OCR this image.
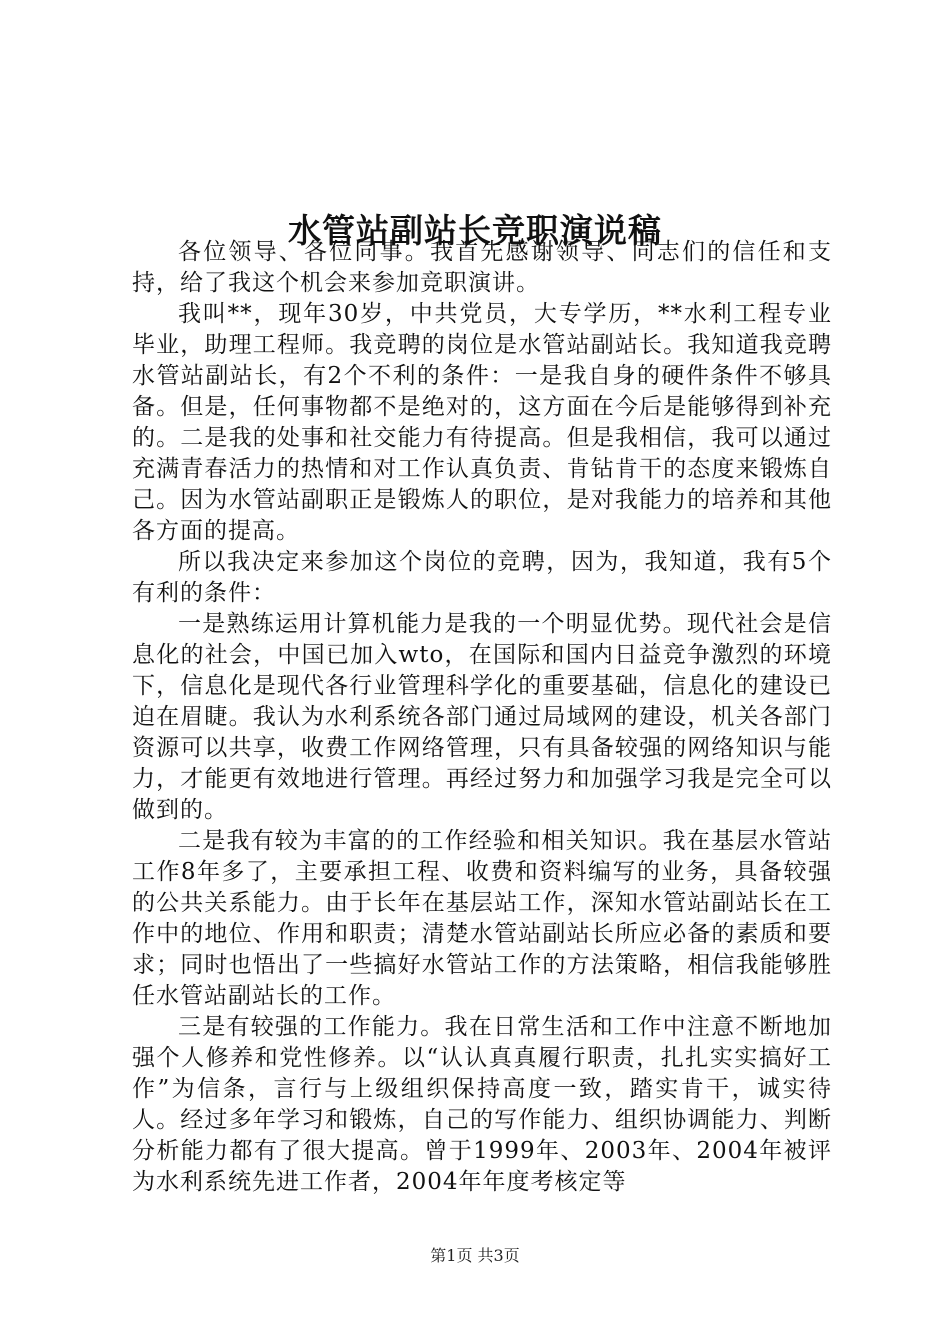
水管站副站长竞职演说稿

各位领导、各位同事。我首先感谢领导、同志们的信任和支持，给了我这个机会来参加竞职演讲。

我叫**，现年30岁，中共党员，大专学历，**水利工程专业毕业，助理工程师。我竞聘的岗位是水管站副站长。我知道我竞聘水管站副站长，有2个不利的条件：一是我自身的硬件条件不够具备。但是，任何事物都不是绝对的，这方面在今后是能够得到补充的。二是我的处事和社交能力有待提高。但是我相信，我可以通过充满青春活力的热情和对工作认真负责、肯钻肯干的态度来锻炼自己。因为水管站副职正是锻炼人的职位，是对我能力的培养和其他各方面的提高。

所以我决定来参加这个岗位的竞聘，因为，我知道，我有5个有利的条件：

一是熟练运用计算机能力是我的一个明显优势。现代社会是信息化的社会，中国已加入wto，在国际和国内日益竞争激烈的环境下，信息化是现代各行业管理科学化的重要基础，信息化的建设已迫在眉睫。我认为水利系统各部门通过局域网的建设，机关各部门资源可以共享，收费工作网络管理，只有具备较强的网络知识与能力，才能更有效地进行管理。再经过努力和加强学习我是完全可以做到的。

二是我有较为丰富的的工作经验和相关知识。我在基层水管站工作8年多了，主要承担工程、收费和资料编写的业务，具备较强的公共关系能力。由于长年在基层站工作，深知水管站副站长在工作中的地位、作用和职责；清楚水管站副站长所应必备的素质和要求；同时也悟出了一些搞好水管站工作的方法策略，相信我能够胜任水管站副站长的工作。

三是有较强的工作能力。我在日常生活和工作中注意不断地加强个人修养和党性修养。以“认认真真履行职责，扎扎实实搞好工作”为信条，言行与上级组织保持高度一致，踏实肯干，诚实待人。经过多年学习和锻炼，自己的写作能力、组织协调能力、判断分析能力都有了很大提高。曾于1999年、2003年、2004年被评为水利系统先进工作者，2004年年度考核定等

第1页 共3页
